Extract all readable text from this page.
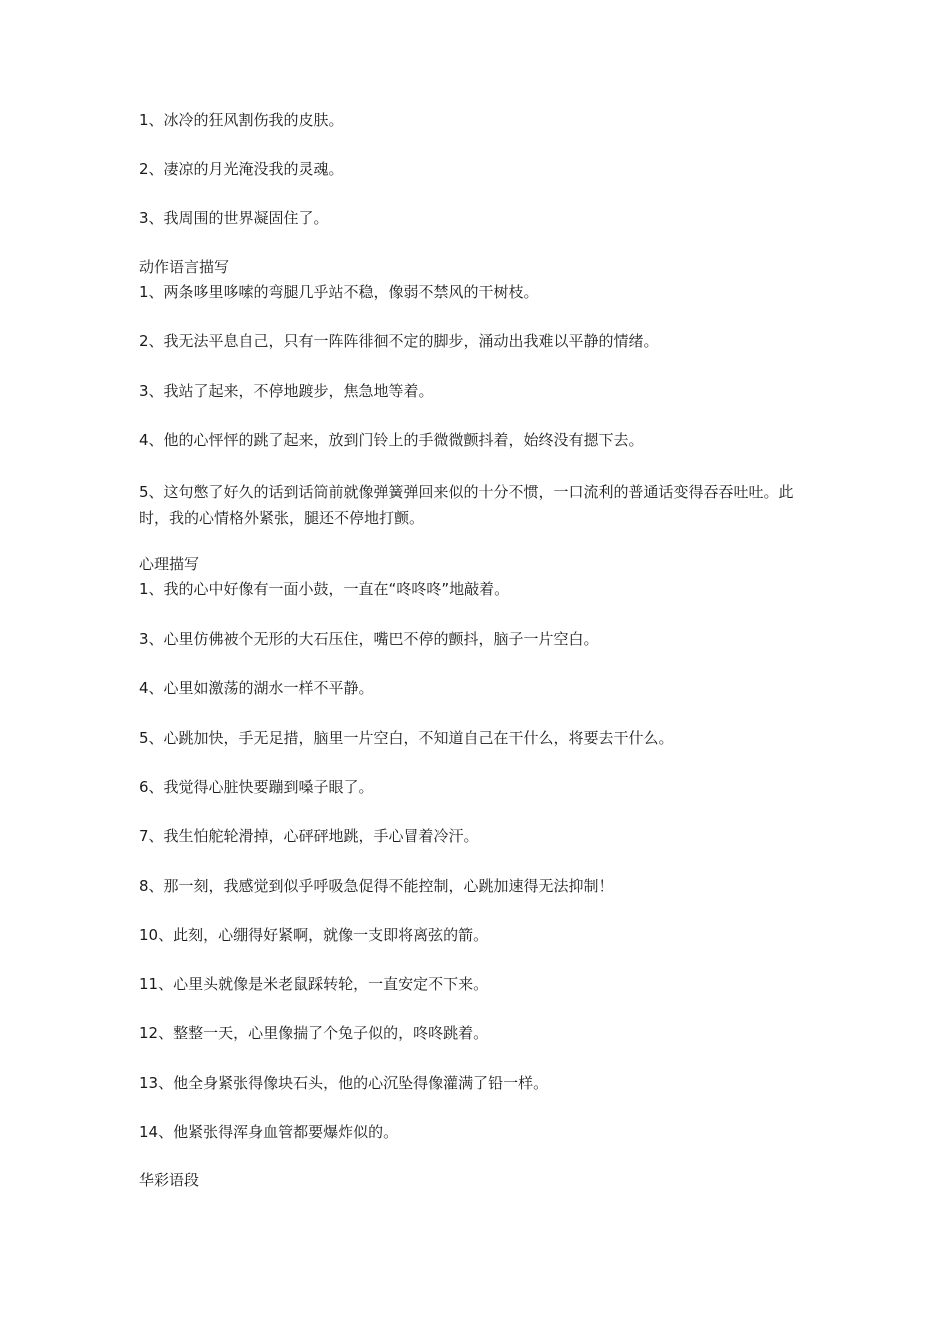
1、冰冷的狂风割伤我的皮肤。
2、凄凉的月光淹没我的灵魂。
3、我周围的世界凝固住了。
动作语言描写
1、两条哆里哆嗦的弯腿几乎站不稳，像弱不禁风的干树枝。
2、我无法平息自己，只有一阵阵徘徊不定的脚步，涌动出我难以平静的情绪。
3、我站了起来，不停地踱步，焦急地等着。
4、他的心怦怦的跳了起来，放到门铃上的手微微颤抖着，始终没有摁下去。
5、这句憋了好久的话到话筒前就像弹簧弹回来似的十分不惯，一口流利的普通话变得吞吞吐吐。此时，我的心情格外紧张，腿还不停地打颤。
心理描写
1、我的心中好像有一面小鼓，一直在“咚咚咚”地敲着。
3、心里仿佛被个无形的大石压住，嘴巴不停的颤抖，脑子一片空白。
4、心里如激荡的湖水一样不平静。
5、心跳加快，手无足措，脑里一片空白，不知道自己在干什么，将要去干什么。
6、我觉得心脏快要蹦到嗓子眼了。
7、我生怕舵轮滑掉，心砰砰地跳，手心冒着冷汗。
8、那一刻，我感觉到似乎呼吸急促得不能控制，心跳加速得无法抑制！
10、此刻，心绷得好紧啊，就像一支即将离弦的箭。
11、心里头就像是米老鼠踩转轮，一直安定不下来。
12、整整一天，心里像揣了个兔子似的，咚咚跳着。
13、他全身紧张得像块石头，他的心沉坠得像灌满了铅一样。
14、他紧张得浑身血管都要爆炸似的。
华彩语段
